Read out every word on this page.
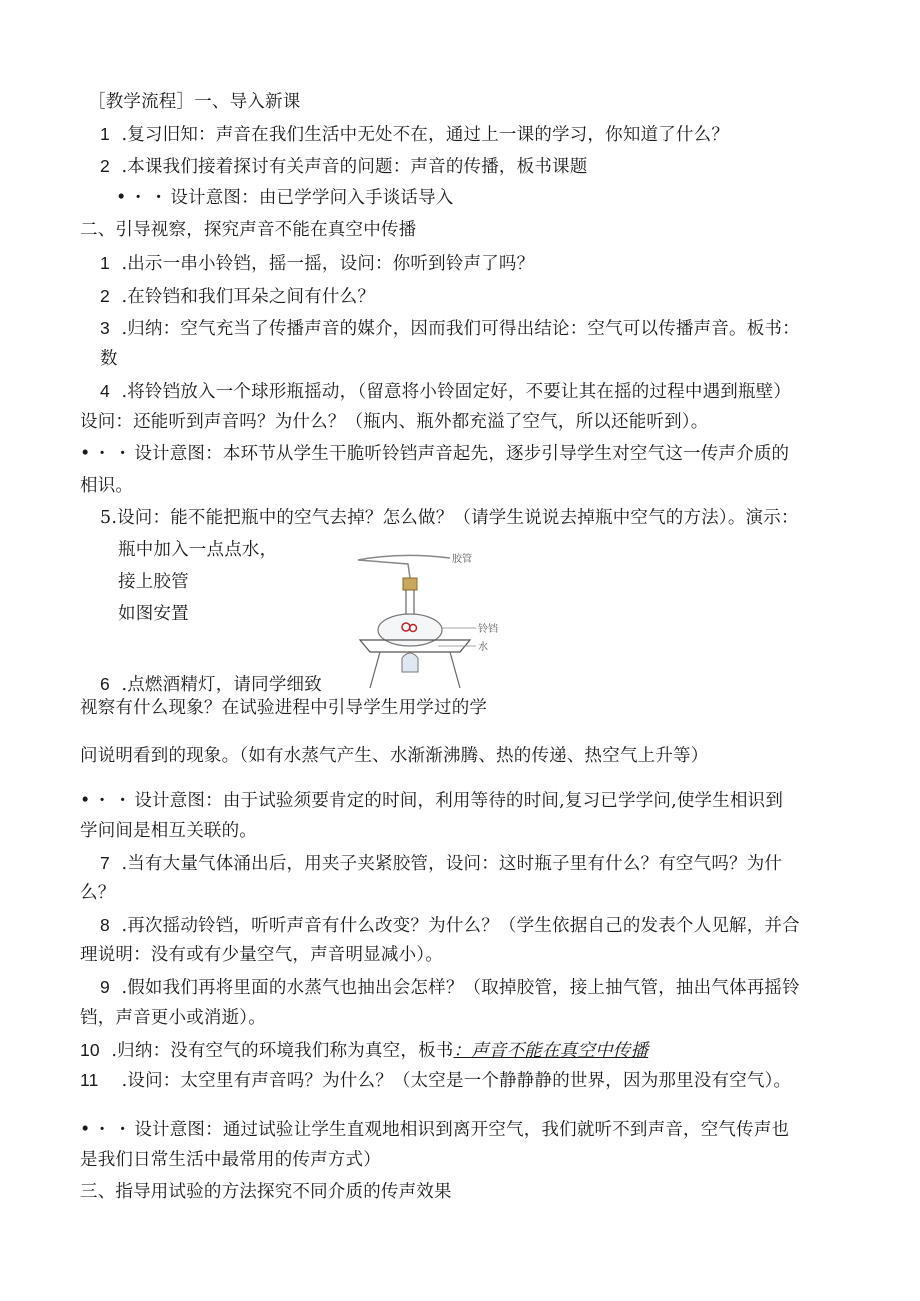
［教学流程］一、导入新课
1 .复习旧知：声音在我们生活中无处不在，通过上一课的学习，你知道了什么？
2 .本课我们接着探讨有关声音的问题：声音的传播，板书课题
•・・设计意图：由已学学问入手谈话导入
二、引导视察，探究声音不能在真空中传播
1 .出示一串小铃铛，摇一摇，设问：你听到铃声了吗？
2 .在铃铛和我们耳朵之间有什么？
3 .归纳：空气充当了传播声音的媒介，因而我们可得出结论：空气可以传播声音。板书：
数
4 .将铃铛放入一个球形瓶摇动，（留意将小铃固定好，不要让其在摇的过程中遇到瓶壁）
设问：还能听到声音吗？为什么？（瓶内、瓶外都充溢了空气，所以还能听到）。
•・・设计意图：本环节从学生干脆听铃铛声音起先，逐步引导学生对空气这一传声介质的
相识。
5.设问：能不能把瓶中的空气去掉？怎么做？（请学生说说去掉瓶中空气的方法）。演示：
瓶中加入一点点水，
接上胶管
如图安置
胶管
铃铛
水
6 .点燃酒精灯，请同学细致
视察有什么现象？在试验进程中引导学生用学过的学
问说明看到的现象。（如有水蒸气产生、水渐渐沸腾、热的传递、热空气上升等）
•・・设计意图：由于试验须要肯定的时间，利用等待的时间,复习已学学问,使学生相识到
学问间是相互关联的。
7 .当有大量气体涌出后，用夹子夹紧胶管，设问：这时瓶子里有什么？有空气吗？为什
么？
8 .再次摇动铃铛，听听声音有什么改变？为什么？（学生依据自己的发表个人见解，并合
理说明：没有或有少量空气，声音明显减小）。
9 .假如我们再将里面的水蒸气也抽出会怎样？（取掉胶管，接上抽气管，抽出气体再摇铃
铛，声音更小或消逝）。
10 .归纳：没有空气的环境我们称为真空，板书：声音不能在真空中传播
11 .设问：太空里有声音吗？为什么？（太空是一个静静静的世界，因为那里没有空气）。
•・・设计意图：通过试验让学生直观地相识到离开空气，我们就听不到声音，空气传声也
是我们日常生活中最常用的传声方式）
三、指导用试验的方法探究不同介质的传声效果
